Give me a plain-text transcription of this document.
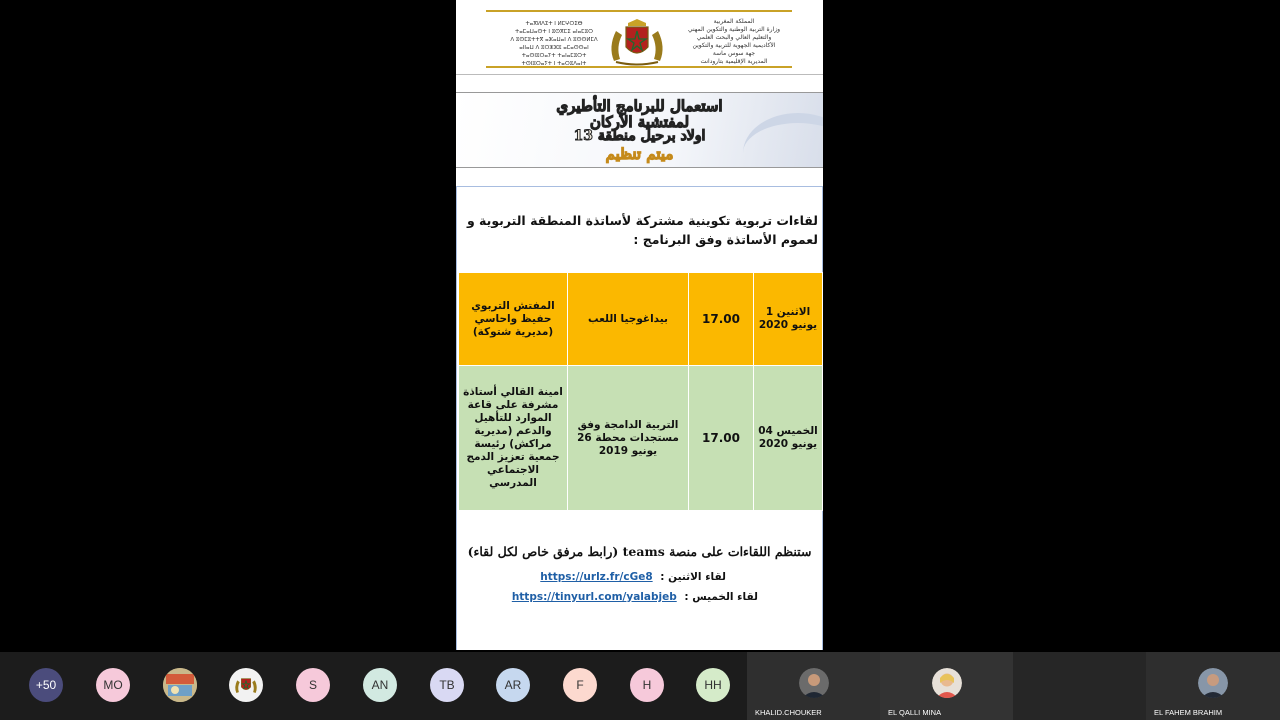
ⵜⴰⴳⵍⴷⵉⵜ ⵏ ⵍⵎⵖⵔⵉⴱ
ⵜⴰⵎⴰⵡⴰⵙⵜ ⵏ ⵓⵙⴳⵎⵉ ⴰⵏⴰⵎⵓⵔ
ⴷ ⵓⵙⵎⵓⵜⵜⴳ ⴰⵣⴰⵡⴰⵏ ⴷ ⵓⵙⵙⵍⵎⴷ
ⴰⵏⵏⴰⵡ ⴷ ⵓⵔⵣⵣⵓ ⴰⵎⴰⵙⵙⴰⵏ
ⵜⴰⵙⵏⵓⵔⴰⵢⵜ ⵜⴰⵏⴰⵎⵓⵔⵜ
ⵜⵙⵏⵓⵔⴰⵢⵜ ⵏ ⵜⴰⵔⵓⴷⴰⵏⵜ
المملكة المغربية
وزارة التربية الوطنية والتكوين المهني
والتعليم العالي والبحث العلمي
الأكاديمية الجهوية للتربية والتكوين
جهة سوس ماسة
المديرية الإقليمية بتارودانت
استعمال للبرنامج التأطيري
لمفتشية الأركان
اولاد برحيل منطقة 13
ميتم تنظيم
لقاءات تربوية تكوينية مشتركة لأساتذة المنطقة التربوية و لعموم الأساتذة وفق البرنامج :
الاثنين 1 يونيو 2020	17.00	بيداغوجيا اللعب	المفتش التربوي حفيظ واحاسي (مديرية شتوكة)
الخميس 04 يونيو 2020	17.00	التربية الدامجة وفق مستجدات محطة 26 يونيو 2019	امينة القالي أستاذة مشرفة على قاعة الموارد للتأهيل والدعم (مديرية مراكش) رئيسة جمعية تعزيز الدمج الاجتماعي المدرسي
ستنظم اللقاءات على منصة teams (رابط مرفق خاص لكل لقاء)
لقاء الاثنين : https://urlz.fr/cGe8
لقاء الخميس : https://tinyurl.com/yalabjeb
+50	MO	S	AN	TB	AR	F	H	HH
KHALID.CHOUKER	EL QALLI MINA	EL FAHEM BRAHIM
